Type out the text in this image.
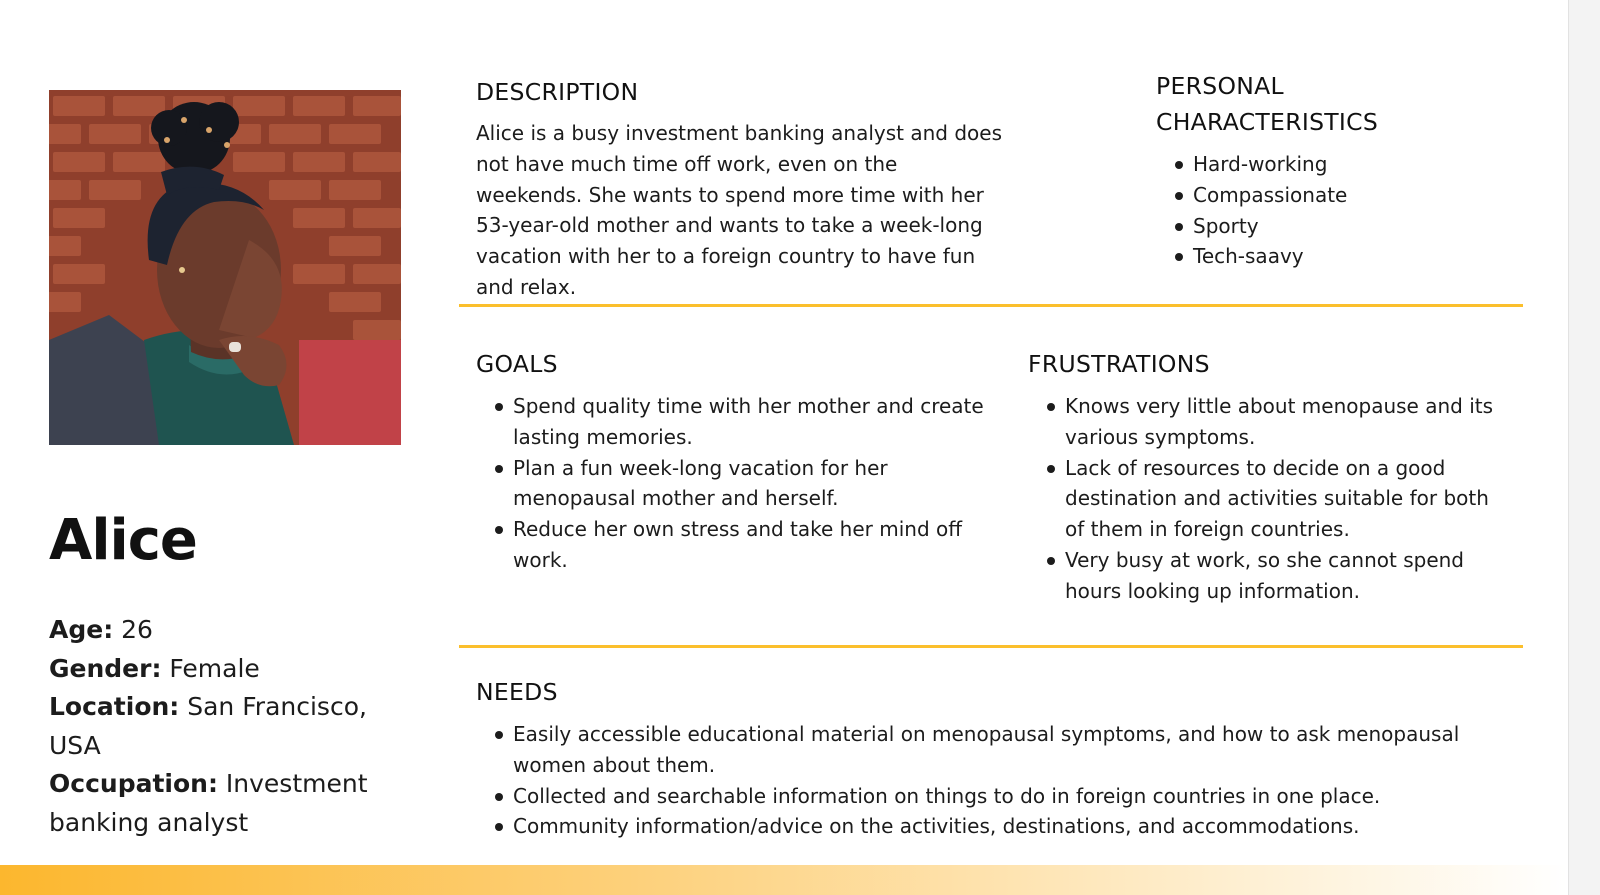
Alice
Age: 26
Gender: Female
Location: San Francisco, USA
Occupation: Investment banking analyst
DESCRIPTION

Alice is a busy investment banking analyst and does not have much time off work, even on the weekends. She wants to spend more time with her 53-year-old mother and wants to take a week-long vacation with her to a foreign country to have fun and relax.

PERSONAL
CHARACTERISTICS
Hard-working
Compassionate
Sporty
Tech-saavy
GOALS
Spend quality time with her mother and create lasting memories.
Plan a fun week-long vacation for her menopausal mother and herself.
Reduce her own stress and take her mind off work.
FRUSTRATIONS
Knows very little about menopause and its various symptoms.
Lack of resources to decide on a good destination and activities suitable for both of them in foreign countries.
Very busy at work, so she cannot spend hours looking up information.
NEEDS
Easily accessible educational material on menopausal symptoms, and how to ask menopausal women about them.
Collected and searchable information on things to do in foreign countries in one place.
Community information/advice on the activities, destinations, and accommodations.
